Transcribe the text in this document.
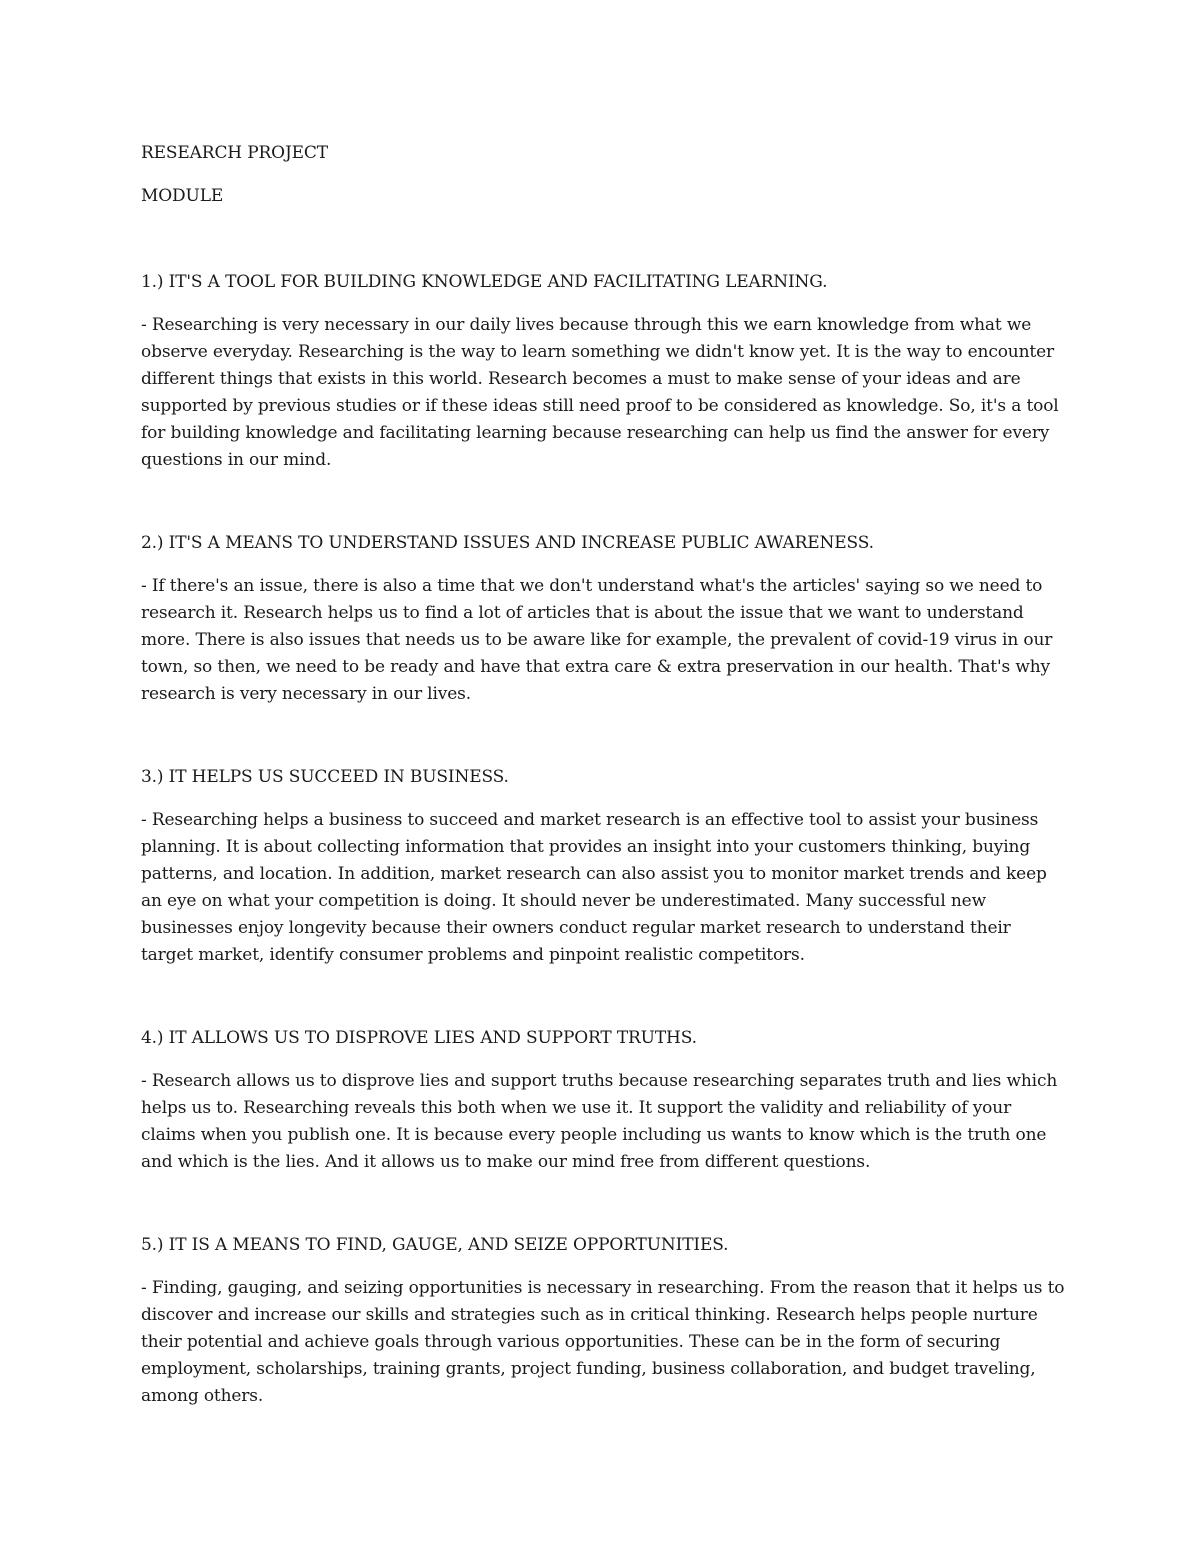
RESEARCH PROJECT

MODULE

1.) IT'S A TOOL FOR BUILDING KNOWLEDGE AND FACILITATING LEARNING.

- Researching is very necessary in our daily lives because through this we earn knowledge from what we observe everyday. Researching is the way to learn something we didn't know yet. It is the way to encounter different things that exists in this world. Research becomes a must to make sense of your ideas and are supported by previous studies or if these ideas still need proof to be considered as knowledge. So, it's a tool for building knowledge and facilitating learning because researching can help us find the answer for every questions in our mind.

2.) IT'S A MEANS TO UNDERSTAND ISSUES AND INCREASE PUBLIC AWARENESS.

- If there's an issue, there is also a time that we don't understand what's the articles' saying so we need to research it. Research helps us to find a lot of articles that is about the issue that we want to understand more. There is also issues that needs us to be aware like for example, the prevalent of covid-19 virus in our town, so then, we need to be ready and have that extra care & extra preservation in our health. That's why research is very necessary in our lives.

3.) IT HELPS US SUCCEED IN BUSINESS.

- Researching helps a business to succeed and market research is an effective tool to assist your business planning. It is about collecting information that provides an insight into your customers thinking, buying patterns, and location. In addition, market research can also assist you to monitor market trends and keep an eye on what your competition is doing. It should never be underestimated. Many successful new businesses enjoy longevity because their owners conduct regular market research to understand their target market, identify consumer problems and pinpoint realistic competitors.

4.) IT ALLOWS US TO DISPROVE LIES AND SUPPORT TRUTHS.

- Research allows us to disprove lies and support truths because researching separates truth and lies which helps us to. Researching reveals this both when we use it. It support the validity and reliability of your claims when you publish one. It is because every people including us wants to know which is the truth one and which is the lies. And it allows us to make our mind free from different questions.

5.) IT IS A MEANS TO FIND, GAUGE, AND SEIZE OPPORTUNITIES.

- Finding, gauging, and seizing opportunities is necessary in researching. From the reason that it helps us to discover and increase our skills and strategies such as in critical thinking. Research helps people nurture their potential and achieve goals through various opportunities. These can be in the form of securing employment, scholarships, training grants, project funding, business collaboration, and budget traveling, among others.
